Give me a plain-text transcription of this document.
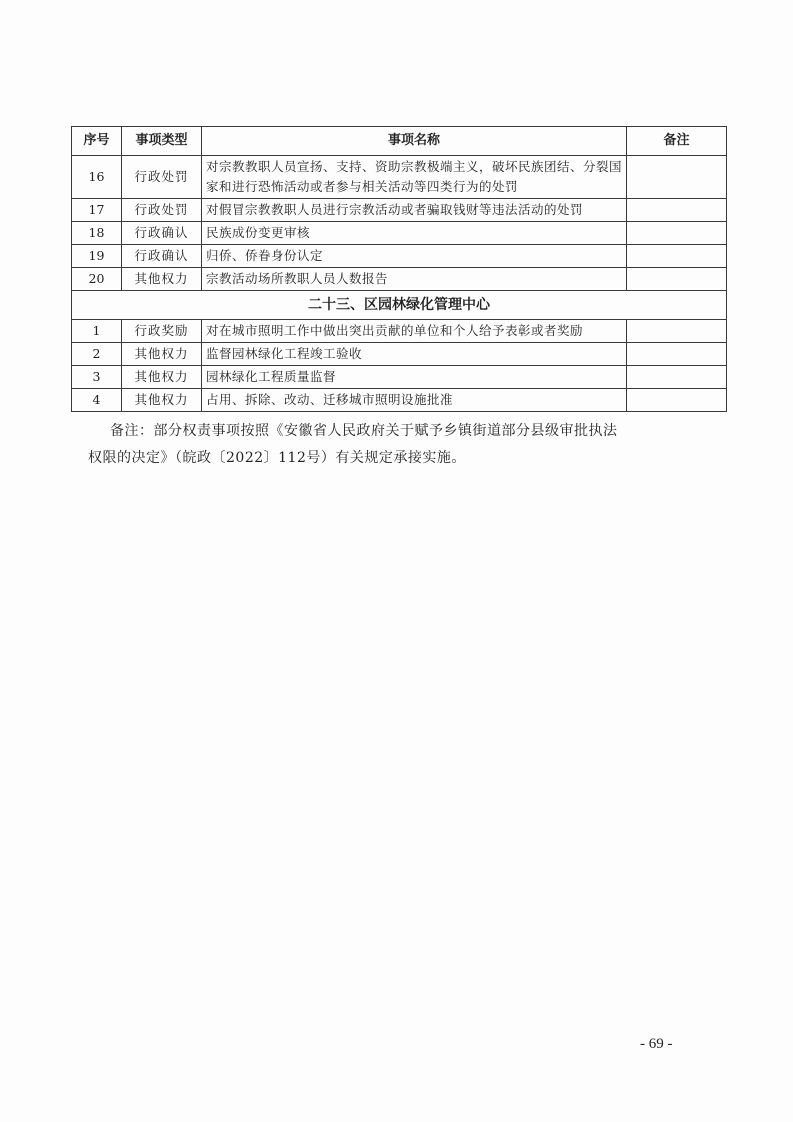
序号	事项类型	事项名称	备注
16	行政处罚	对宗教教职人员宣扬、支持、资助宗教极端主义，破坏民族团结、分裂国家和进行恐怖活动或者参与相关活动等四类行为的处罚	
17	行政处罚	对假冒宗教教职人员进行宗教活动或者骗取钱财等违法活动的处罚	
18	行政确认	民族成份变更审核	
19	行政确认	归侨、侨眷身份认定	
20	其他权力	宗教活动场所教职人员人数报告	
二十三、区园林绿化管理中心			
1	行政奖励	对在城市照明工作中做出突出贡献的单位和个人给予表彰或者奖励	
2	其他权力	监督园林绿化工程竣工验收	
3	其他权力	园林绿化工程质量监督	
4	其他权力	占用、拆除、改动、迁移城市照明设施批准	
备注：部分权责事项按照《安徽省人民政府关于赋予乡镇街道部分县级审批执法
权限的决定》（皖政〔2022〕112号）有关规定承接实施。
- 69 -
